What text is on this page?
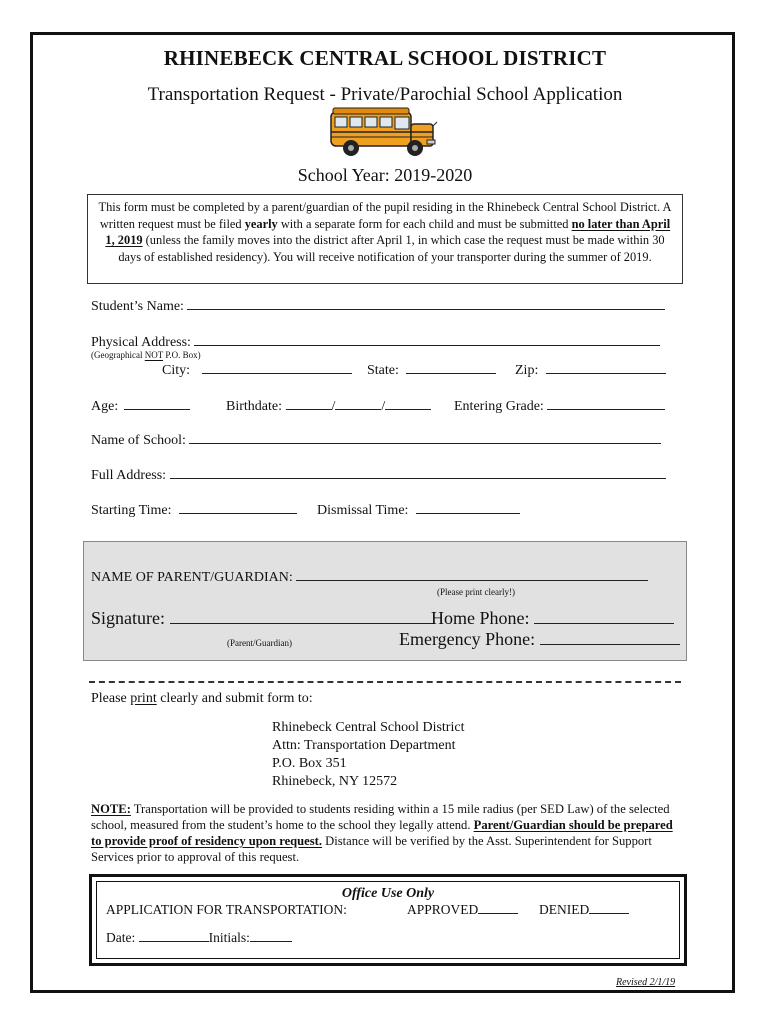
RHINEBECK CENTRAL SCHOOL DISTRICT
Transportation Request - Private/Parochial School Application
School Year: 2019-2020
This form must be completed by a parent/guardian of the pupil residing in the Rhinebeck Central School District. A written request must be filed yearly with a separate form for each child and must be submitted no later than April 1, 2019 (unless the family moves into the district after April 1, in which case the request must be made within 30 days of established residency). You will receive notification of your transporter during the summer of 2019.
Student’s Name:
Physical Address:
(Geographical NOT P.O. Box)
City:	State:	Zip:
Age:	Birthdate:	/	/	Entering Grade:
Name of School:
Full Address:
Starting Time:	Dismissal Time:
NAME OF PARENT/GUARDIAN:
(Please print clearly!)
Signature:
(Parent/Guardian)
Home Phone:
Emergency Phone:
Please print clearly and submit form to:
Rhinebeck Central School District
Attn: Transportation Department
P.O. Box 351
Rhinebeck, NY 12572
NOTE: Transportation will be provided to students residing within a 15 mile radius (per SED Law) of the selected school, measured from the student’s home to the school they legally attend. Parent/Guardian should be prepared to provide proof of residency upon request. Distance will be verified by the Asst. Superintendent for Support Services prior to approval of this request.
Office Use Only
APPLICATION FOR TRANSPORTATION:	APPROVED	DENIED
Date:	Initials:
Revised 2/1/19
